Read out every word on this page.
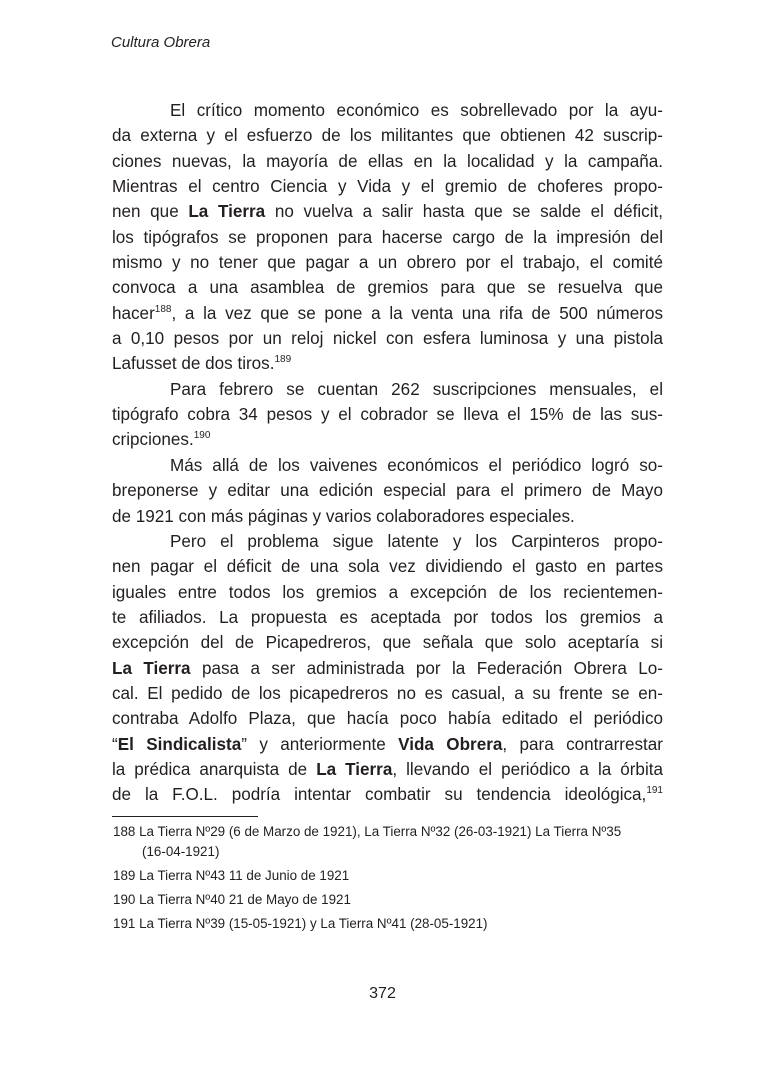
Cultura Obrera
El crítico momento económico es sobrellevado por la ayu-
da externa y el esfuerzo de los militantes que obtienen 42 suscrip-
ciones nuevas, la mayoría de ellas en la localidad y la campaña.
Mientras el centro Ciencia y Vida y el gremio de choferes propo-
nen que La Tierra no vuelva a salir hasta que se salde el déficit,
los tipógrafos se proponen para hacerse cargo de la impresión del
mismo y no tener que pagar a un obrero por el trabajo, el comité
convoca a una asamblea de gremios para que se resuelva que
hacer$^{188}$, a la vez que se pone a la venta una rifa de 500 números
a 0,10 pesos por un reloj nickel con esfera luminosa y una pistola
Lafusset de dos tiros.$^{189}$
Para febrero se cuentan 262 suscripciones mensuales, el
tipógrafo cobra 34 pesos y el cobrador se lleva el 15% de las sus-
cripciones.$^{190}$
Más allá de los vaivenes económicos el periódico logró so-
breponerse y editar una edición especial para el primero de Mayo
de 1921 con más páginas y varios colaboradores especiales.
Pero el problema sigue latente y los Carpinteros propo-
nen pagar el déficit de una sola vez dividiendo el gasto en partes
iguales entre todos los gremios a excepción de los recientemen-
te afiliados. La propuesta es aceptada por todos los gremios a
excepción del de Picapedreros, que señala que solo aceptaría si
La Tierra pasa a ser administrada por la Federación Obrera Lo-
cal. El pedido de los picapedreros no es casual, a su frente se en-
contraba Adolfo Plaza, que hacía poco había editado el periódico
“El Sindicalista” y anteriormente Vida Obrera, para contrarrestar
la prédica anarquista de La Tierra, llevando el periódico a la órbita
de la F.O.L. podría intentar combatir su tendencia ideológica,$^{191}$
188 La Tierra Nº29 (6 de Marzo de 1921), La Tierra Nº32 (26-03-1921) La Tierra Nº35
(16-04-1921)
189 La Tierra Nº43 11 de Junio de 1921
190 La Tierra Nº40 21 de Mayo de 1921
191 La Tierra Nº39 (15-05-1921) y La Tierra Nº41 (28-05-1921)
372
